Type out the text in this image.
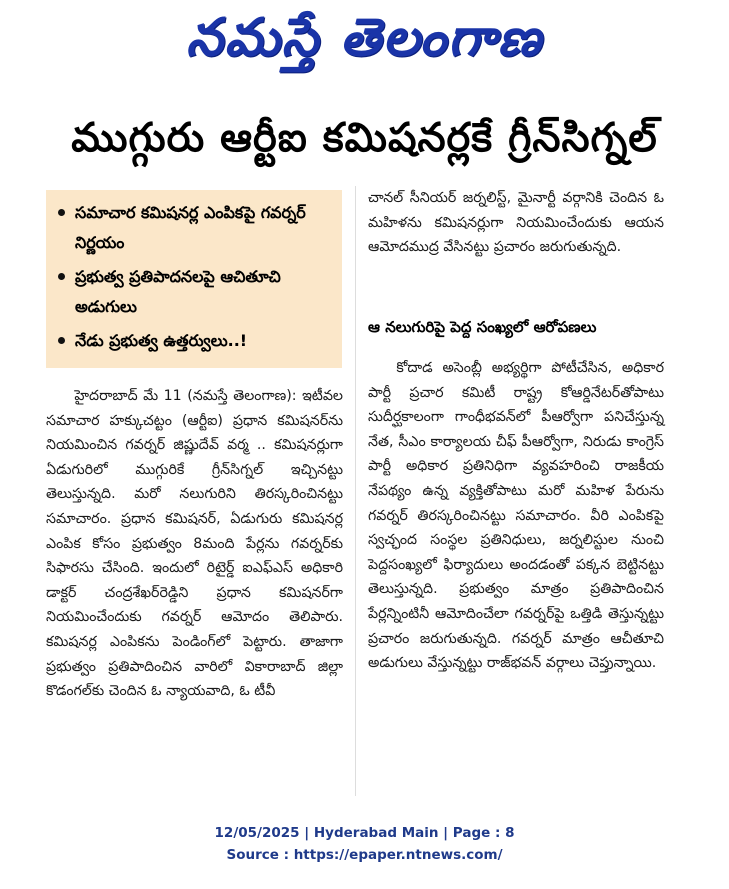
నమస్తే తెలంగాణ
ముగ్గురు ఆర్టీఐ కమిషనర్లకే గ్రీన్‌సిగ్నల్
సమాచార కమిషనర్ల ఎంపికపై గవర్నర్‌ నిర్ణయం
ప్రభుత్వ ప్రతిపాదనలపై ఆచితూచి అడుగులు
నేడు ప్రభుత్వ ఉత్తర్వులు..!

హైదరాబాద్‌ మే 11 (నమస్తే తెలంగాణ): ఇటీవల సమాచార హక్కుచట్టం (ఆర్టీఐ) ప్రధాన కమిషనర్‌ను నియమించిన గవర్నర్‌ జిష్ణుదేవ్‌ వర్మ .. కమిషనర్లుగా ఏడుగురిలో ముగ్గురికే గ్రీన్‌సిగ్నల్‌ ఇచ్చినట్టు తెలుస్తున్నది. మరో నలుగురిని తిరస్కరించినట్టు సమాచారం. ప్రధాన కమిషనర్‌, ఏడుగురు కమిషనర్ల ఎంపిక కోసం ప్రభుత్వం 8మంది పేర్లను గవర్నర్‌కు సిఫారసు చేసింది. ఇందులో రిటైర్డ్‌ ఐఎఫ్‌ఎస్‌ అధికారి డాక్టర్‌ చంద్రశేఖర్‌రెడ్డిని ప్రధాన కమిషనర్‌గా నియమించేందుకు గవర్నర్‌ ఆమోదం తెలిపారు. కమిషనర్ల ఎంపికను పెండింగ్‌లో పెట్టారు. తాజాగా ప్రభుత్వం ప్రతిపాదించిన వారిలో వికారాబాద్‌ జిల్లా కొడంగల్‌కు చెందిన ఓ న్యాయవాది, ఓ టీవీ

చానల్‌ సీనియర్‌ జర్నలిస్ట్‌, మైనార్టీ వర్గానికి చెందిన ఓ మహిళను కమిషనర్లుగా నియమించేందుకు ఆయన ఆమోదముద్ర వేసినట్టు ప్రచారం జరుగుతున్నది.

ఆ నలుగురిపై పెద్ద సంఖ్యలో ఆరోపణలు

కోదాడ అసెంబ్లీ అభ్యర్థిగా పోటీచేసిన, అధికార పార్టీ ప్రచార కమిటీ రాష్ట్ర కోఆర్డినేటర్‌తోపాటు సుదీర్ఘకాలంగా గాంధీభవన్‌లో పీఆర్వోగా పనిచేస్తున్న నేత, సీఎం కార్యాలయ చీఫ్‌ పీఆర్వోగా, నిరుడు కాంగ్రెస్‌ పార్టీ అధికార ప్రతినిధిగా వ్యవహరించి రాజకీయ నేపథ్యం ఉన్న వ్యక్తితోపాటు మరో మహిళ పేరును గవర్నర్‌ తిరస్కరించినట్టు సమాచారం. వీరి ఎంపికపై స్వచ్ఛంద సంస్థల ప్రతినిధులు, జర్నలిస్టుల నుంచి పెద్దసంఖ్యలో ఫిర్యాదులు అందడంతో పక్కన బెట్టినట్టు తెలుస్తున్నది. ప్రభుత్వం మాత్రం ప్రతిపాదించిన పేర్లన్నింటినీ ఆమోదించేలా గవర్నర్‌పై ఒత్తిడి తెస్తున్నట్టు ప్రచారం జరుగుతున్నది. గవర్నర్‌ మాత్రం ఆచీతూచి అడుగులు వేస్తున్నట్టు రాజ్‌భవన్‌ వర్గాలు చెప్తున్నాయి.

12/05/2025 | Hyderabad Main | Page : 8
Source : https://epaper.ntnews.com/
